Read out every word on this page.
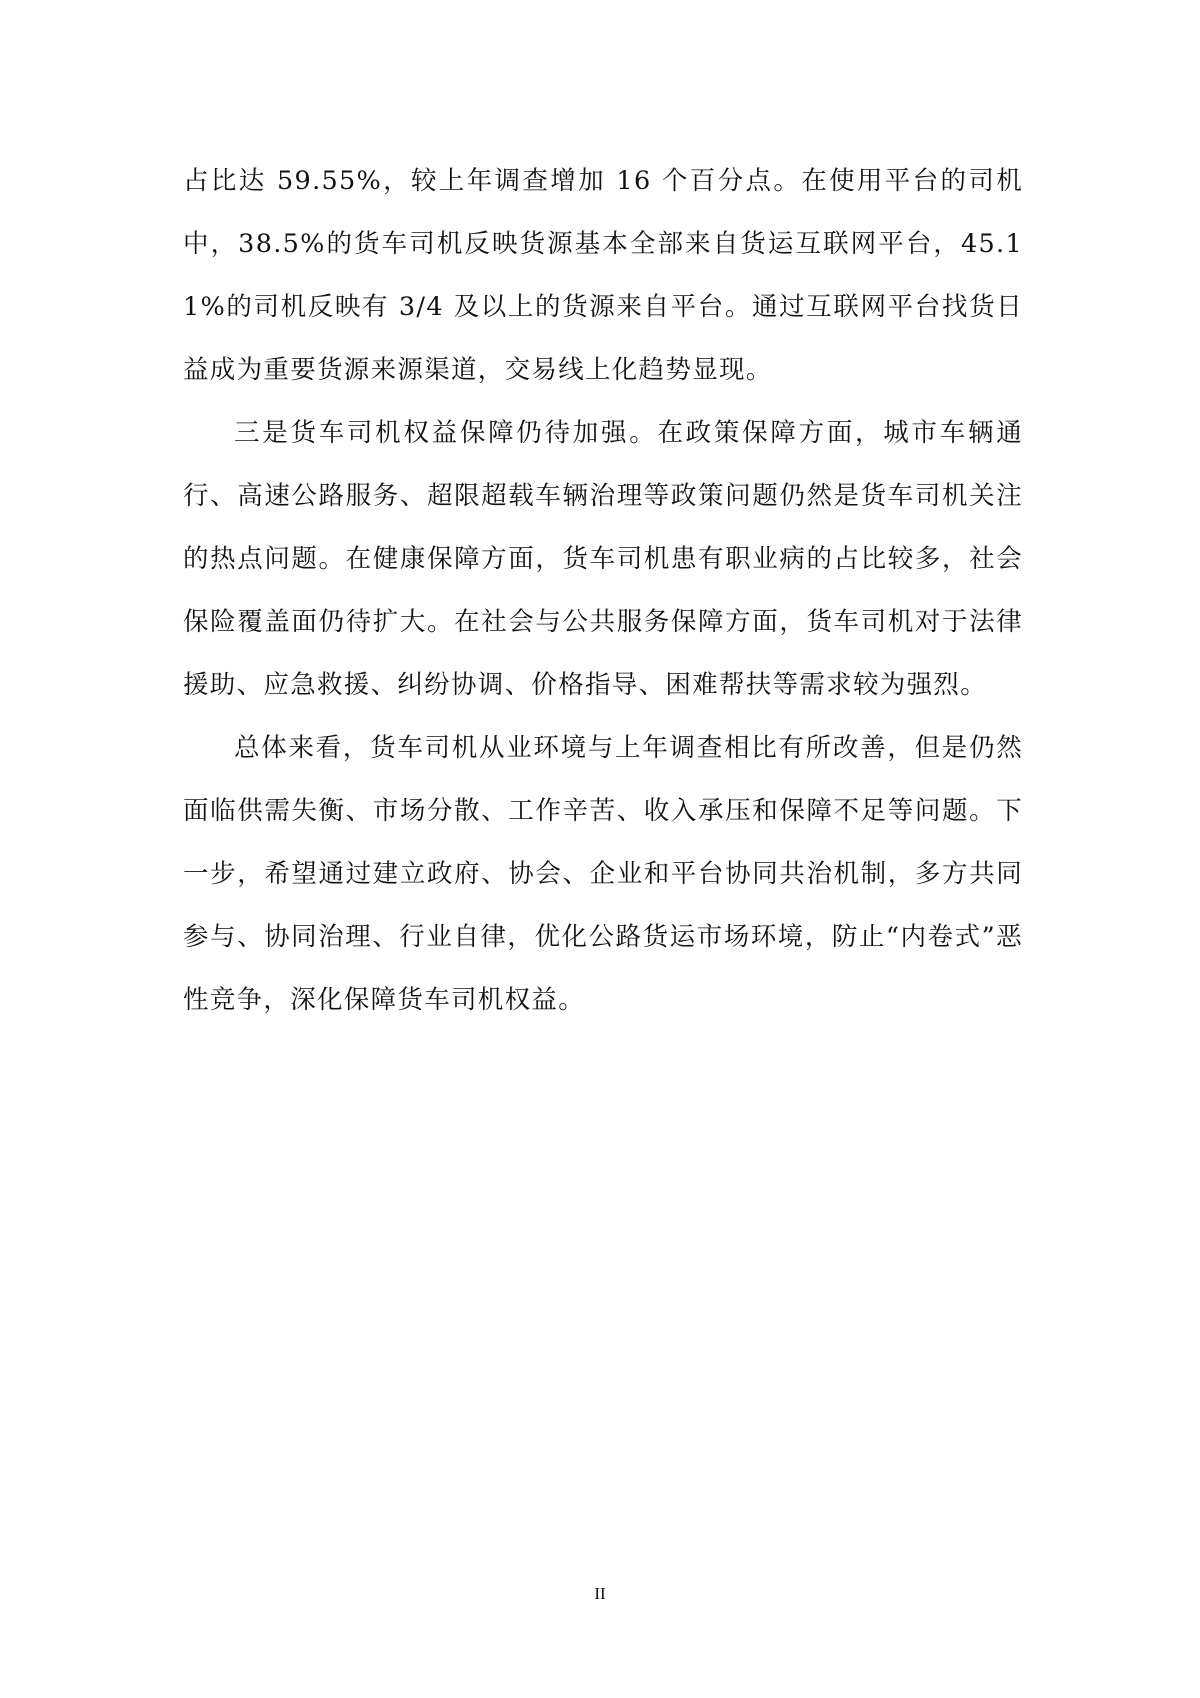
占比达 59.55%，较上年调查增加 16 个百分点。在使用平台的司机中，38.5%的货车司机反映货源基本全部来自货运互联网平台，45.11%的司机反映有 3/4 及以上的货源来自平台。通过互联网平台找货日益成为重要货源来源渠道，交易线上化趋势显现。

三是货车司机权益保障仍待加强。在政策保障方面，城市车辆通行、高速公路服务、超限超载车辆治理等政策问题仍然是货车司机关注的热点问题。在健康保障方面，货车司机患有职业病的占比较多，社会保险覆盖面仍待扩大。在社会与公共服务保障方面，货车司机对于法律援助、应急救援、纠纷协调、价格指导、困难帮扶等需求较为强烈。

总体来看，货车司机从业环境与上年调查相比有所改善，但是仍然面临供需失衡、市场分散、工作辛苦、收入承压和保障不足等问题。下一步，希望通过建立政府、协会、企业和平台协同共治机制，多方共同参与、协同治理、行业自律，优化公路货运市场环境，防止“内卷式”恶性竞争，深化保障货车司机权益。

II
